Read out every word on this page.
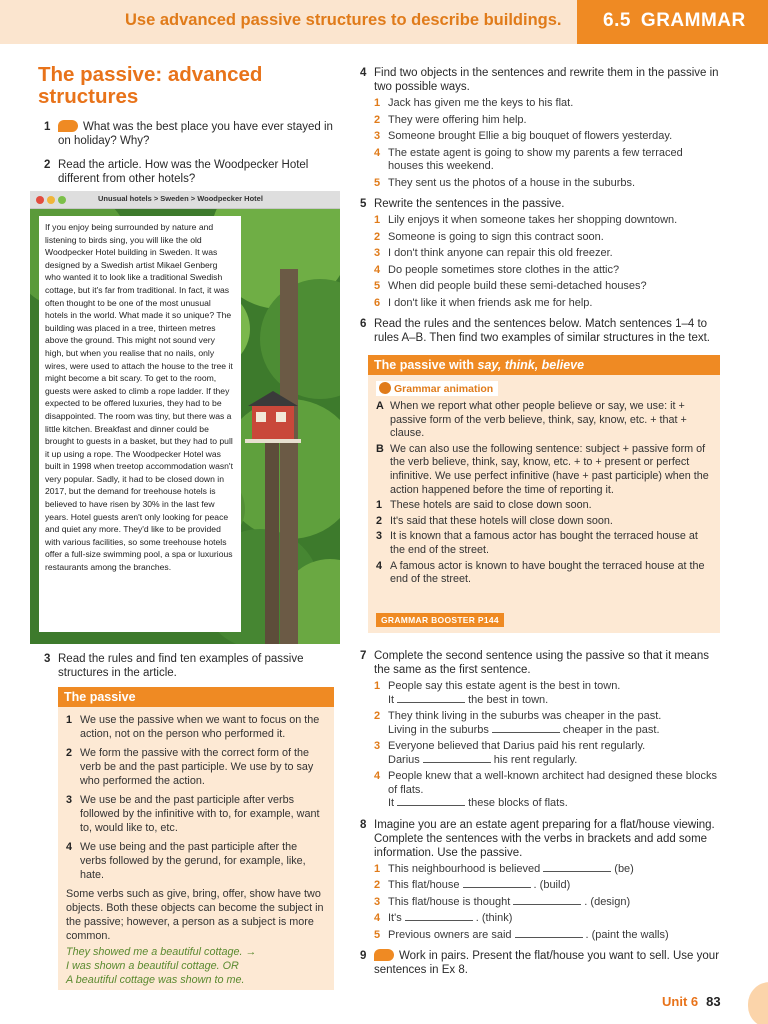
Use advanced passive structures to describe buildings.	6.5 GRAMMAR
The passive: advanced structures
1	What was the best place you have ever stayed in on holiday? Why?
2 Read the article. How was the Woodpecker Hotel different from other hotels?
Unusual hotels > Sweden > Woodpecker Hotel
If you enjoy being surrounded by nature and listening to birds sing, you will like the old Woodpecker Hotel building in Sweden. It was designed by a Swedish artist Mikael Genberg who wanted it to look like a traditional Swedish cottage, but it's far from traditional. In fact, it was often thought to be one of the most unusual hotels in the world. What made it so unique? The building was placed in a tree, thirteen metres above the ground. This might not sound very high, but when you realise that no nails, only wires, were used to attach the house to the tree it might become a bit scary. To get to the room, guests were asked to climb a rope ladder. If they expected to be offered luxuries, they had to be disappointed. The room was tiny, but there was a little kitchen. Breakfast and dinner could be brought to guests in a basket, but they had to pull it up using a rope. The Woodpecker Hotel was built in 1998 when treetop accommodation wasn't very popular. Sadly, it had to be closed down in 2017, but the demand for treehouse hotels is believed to have risen by 30% in the last few years. Hotel guests aren't only looking for peace and quiet any more. They'd like to be provided with various facilities, so some treehouse hotels offer a full-size swimming pool, a spa or luxurious restaurants among the branches.
3 Read the rules and find ten examples of passive structures in the article.
The passive
1 We use the passive when we want to focus on the action, not on the person who performed it.
2 We form the passive with the correct form of the verb be and the past participle. We use by to say who performed the action.
3 We use be and the past participle after verbs followed by the infinitive with to, for example, want to, would like to, etc.
4 We use being and the past participle after the verbs followed by the gerund, for example, like, hate.
Some verbs such as give, bring, offer, show have two objects. Both these objects can become the subject in the passive; however, a person as a subject is more common.
They showed me a beautiful cottage. →
I was shown a beautiful cottage. OR
A beautiful cottage was shown to me.
4 Find two objects in the sentences and rewrite them in the passive in two possible ways.
1 Jack has given me the keys to his flat.
2 They were offering him help.
3 Someone brought Ellie a big bouquet of flowers yesterday.
4 The estate agent is going to show my parents a few terraced houses this weekend.
5 They sent us the photos of a house in the suburbs.
5 Rewrite the sentences in the passive.
1 Lily enjoys it when someone takes her shopping downtown.
2 Someone is going to sign this contract soon.
3 I don't think anyone can repair this old freezer.
4 Do people sometimes store clothes in the attic?
5 When did people build these semi-detached houses?
6 I don't like it when friends ask me for help.
6 Read the rules and the sentences below. Match sentences 1–4 to rules A–B. Then find two examples of similar structures in the text.
The passive with say, think, believe
Grammar animation
A When we report what other people believe or say, we use: it + passive form of the verb believe, think, say, know, etc. + that + clause.
B We can also use the following sentence: subject + passive form of the verb believe, think, say, know, etc. + to + present or perfect infinitive. We use perfect infinitive (have + past participle) when the action happened before the time of reporting it.
1 These hotels are said to close down soon.
2 It's said that these hotels will close down soon.
3 It is known that a famous actor has bought the terraced house at the end of the street.
4 A famous actor is known to have bought the terraced house at the end of the street.
GRAMMAR BOOSTER P144
7 Complete the second sentence using the passive so that it means the same as the first sentence.
1 People say this estate agent is the best in town.
It	the best in town.
2 They think living in the suburbs was cheaper in the past.
Living in the suburbs	cheaper in the past.
3 Everyone believed that Darius paid his rent regularly.
Darius	his rent regularly.
4 People knew that a well-known architect had designed these blocks of flats.
It	these blocks of flats.
8 Imagine you are an estate agent preparing for a flat/house viewing. Complete the sentences with the verbs in brackets and add some information. Use the passive.
1 This neighbourhood is believed	(be)
2 This flat/house	. (build)
3 This flat/house is thought	. (design)
4 It's	. (think)
5 Previous owners are said	. (paint the walls)
9	Work in pairs. Present the flat/house you want to sell. Use your sentences in Ex 8.
Unit 6 83
